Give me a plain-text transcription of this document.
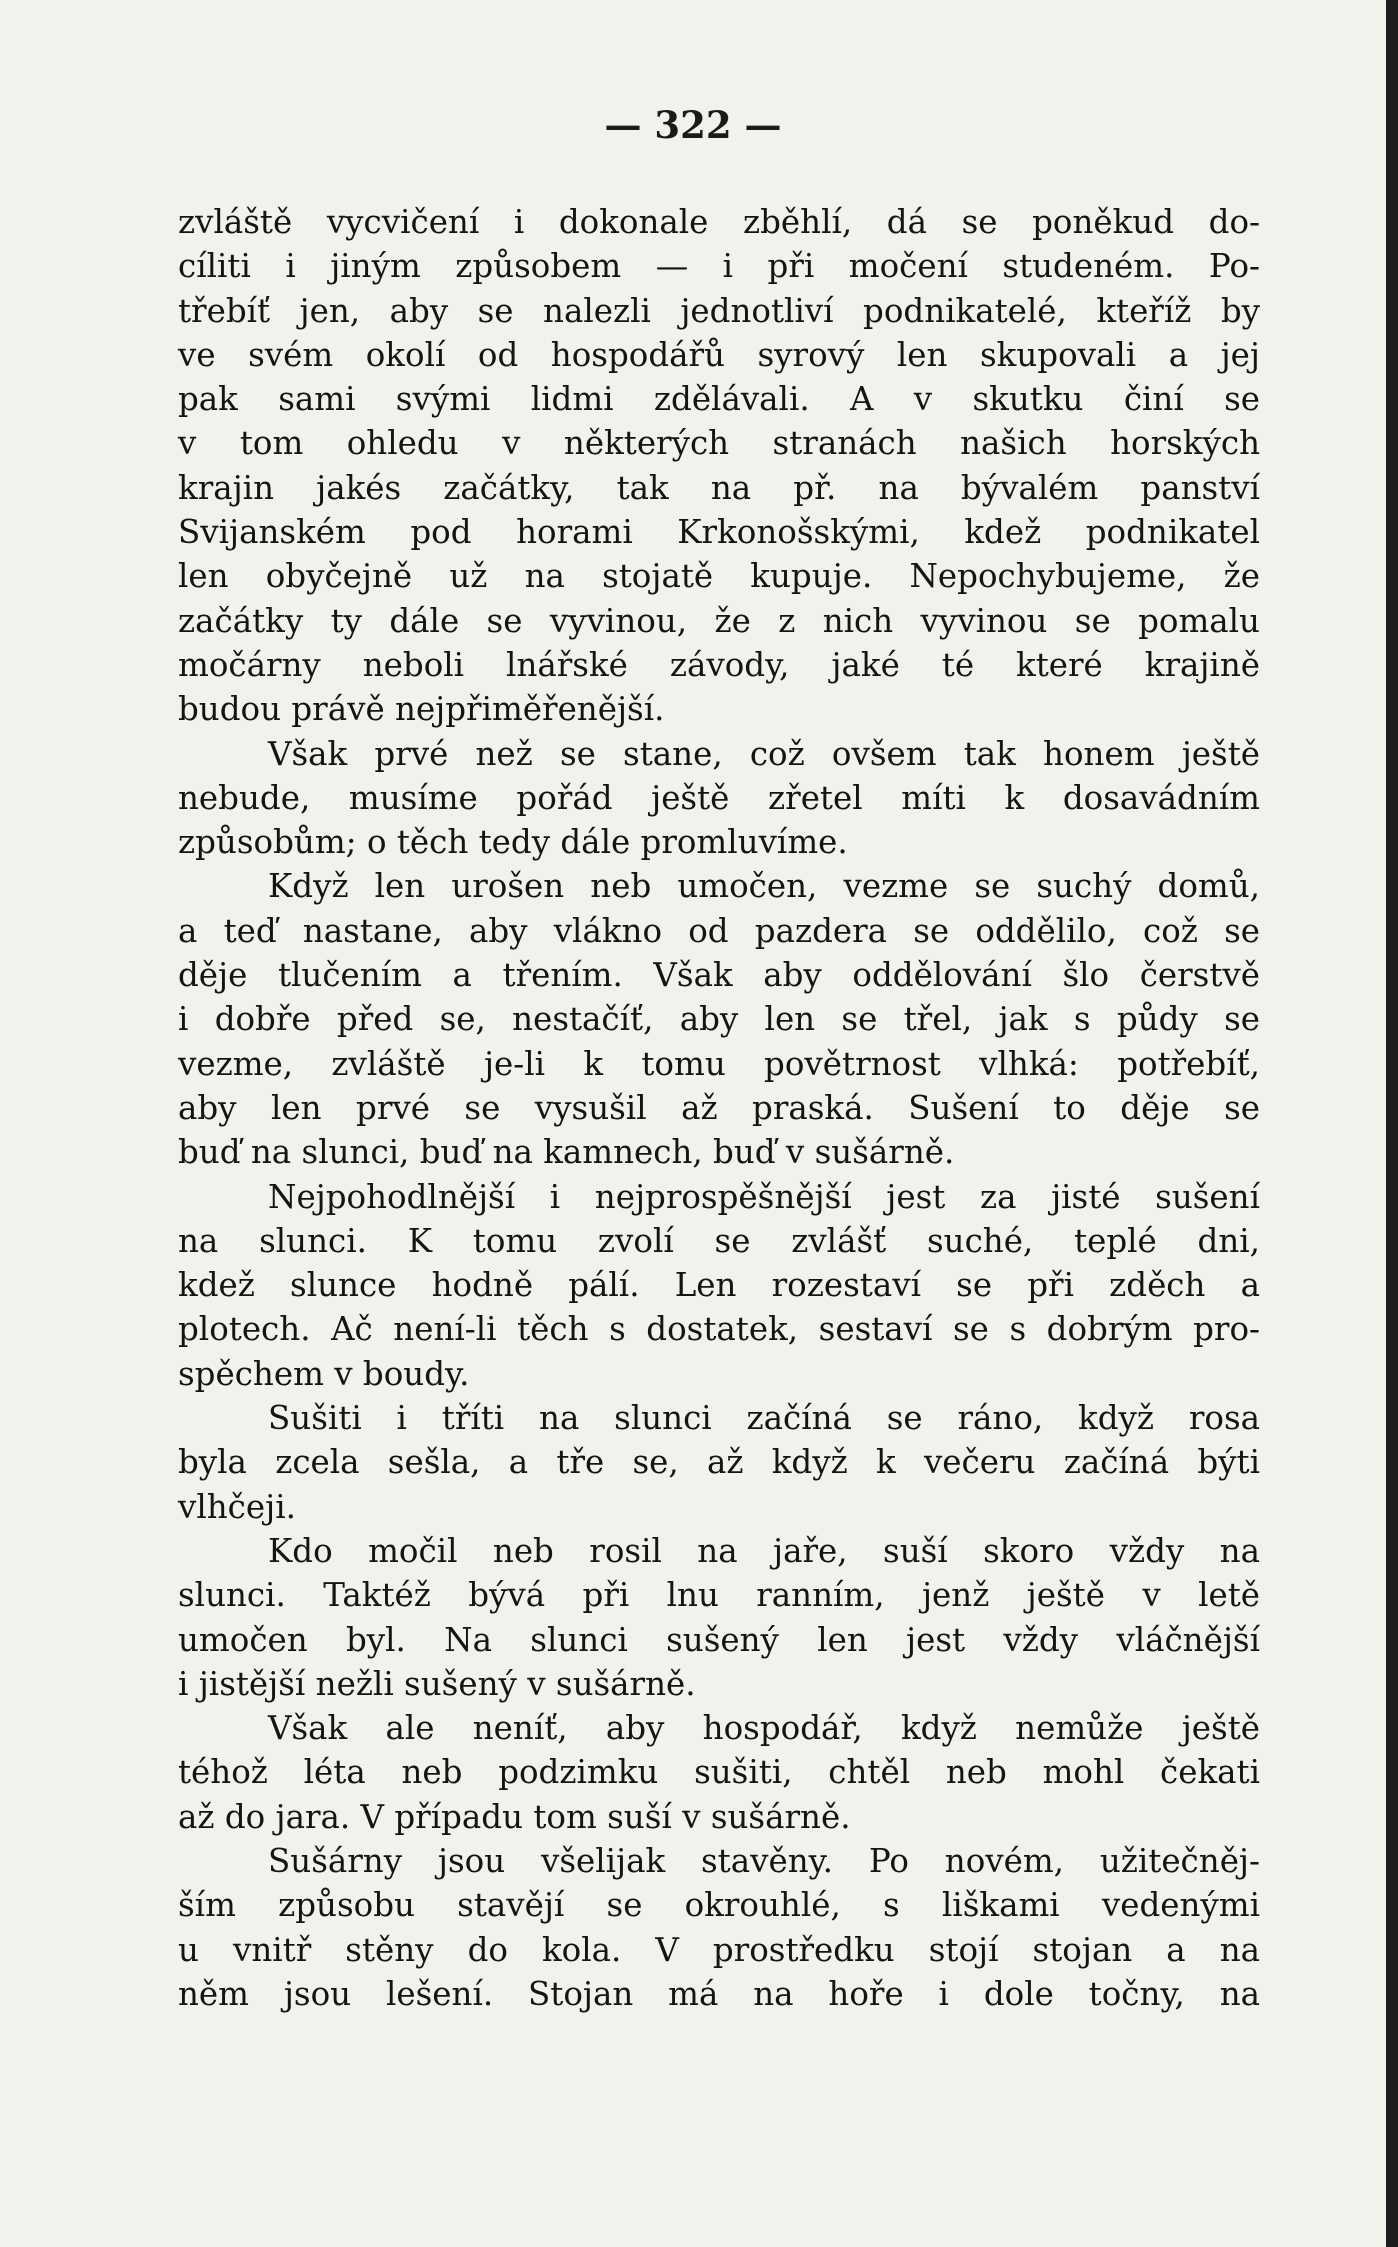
— 322 —
zvláště vycvičení i dokonale zběhlí, dá se poněkud do-
cíliti i jiným způsobem — i při močení studeném. Po-
třebíť jen, aby se nalezli jednotliví podnikatelé, kteříž by
ve svém okolí od hospodářů syrový len skupovali a jej
pak sami svými lidmi zdělávali. A v skutku činí se
v tom ohledu v některých stranách našich horských
krajin jakés začátky, tak na př. na bývalém panství
Svijanském pod horami Krkonošskými, kdež podnikatel
len obyčejně už na stojatě kupuje. Nepochybujeme, že
začátky ty dále se vyvinou, že z nich vyvinou se pomalu
močárny neboli lnářské závody, jaké té které krajině
budou právě nejpřiměřenější.
Však prvé než se stane, což ovšem tak honem ještě
nebude, musíme pořád ještě zřetel míti k dosavádním
způsobům; o těch tedy dále promluvíme.
Když len urošen neb umočen, vezme se suchý domů,
a teď nastane, aby vlákno od pazdera se oddělilo, což se
děje tlučením a třením. Však aby oddělování šlo čerstvě
i dobře před se, nestačíť, aby len se třel, jak s půdy se
vezme, zvláště je-li k tomu povětrnost vlhká: potřebíť,
aby len prvé se vysušil až praská. Sušení to děje se
buď na slunci, buď na kamnech, buď v sušárně.
Nejpohodlnější i nejprospěšnější jest za jisté sušení
na slunci. K tomu zvolí se zvlášť suché, teplé dni,
kdež slunce hodně pálí. Len rozestaví se při zděch a
plotech. Ač není-li těch s dostatek, sestaví se s dobrým pro-
spěchem v boudy.
Sušiti i tříti na slunci začíná se ráno, když rosa
byla zcela sešla, a tře se, až když k večeru začíná býti
vlhčeji.
Kdo močil neb rosil na jaře, suší skoro vždy na
slunci. Taktéž bývá při lnu ranním, jenž ještě v letě
umočen byl. Na slunci sušený len jest vždy vláčnější
i jistější nežli sušený v sušárně.
Však ale neníť, aby hospodář, když nemůže ještě
téhož léta neb podzimku sušiti, chtěl neb mohl čekati
až do jara. V případu tom suší v sušárně.
Sušárny jsou všelijak stavěny. Po novém, užitečněj-
ším způsobu stavějí se okrouhlé, s liškami vedenými
u vnitř stěny do kola. V prostředku stojí stojan a na
něm jsou lešení. Stojan má na hoře i dole točny, na
